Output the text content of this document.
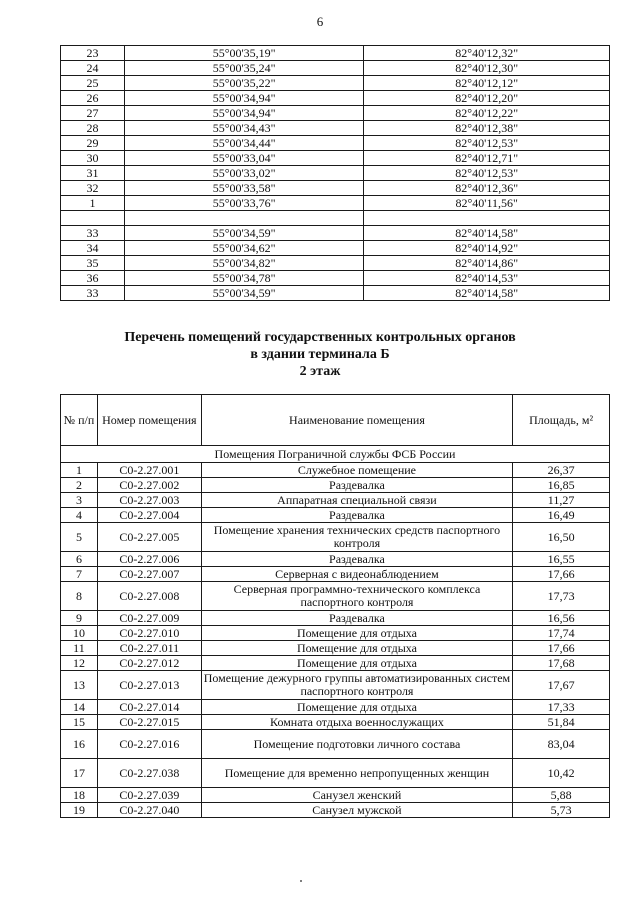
6
23	55°00'35,19"	82°40'12,32"
24	55°00'35,24"	82°40'12,30"
25	55°00'35,22"	82°40'12,12"
26	55°00'34,94"	82°40'12,20"
27	55°00'34,94"	82°40'12,22"
28	55°00'34,43"	82°40'12,38"
29	55°00'34,44"	82°40'12,53"
30	55°00'33,04"	82°40'12,71"
31	55°00'33,02"	82°40'12,53"
32	55°00'33,58"	82°40'12,36"
1	55°00'33,76"	82°40'11,56"

33	55°00'34,59"	82°40'14,58"
34	55°00'34,62"	82°40'14,92"
35	55°00'34,82"	82°40'14,86"
36	55°00'34,78"	82°40'14,53"
33	55°00'34,59"	82°40'14,58"
Перечень помещений государственных контрольных органов
в здании терминала Б
2 этаж
№ п/п	Номер помещения	Наименование помещения	Площадь, м²
Помещения Пограничной службы ФСБ России			
1	С0-2.27.001	Служебное помещение	26,37
2	С0-2.27.002	Раздевалка	16,85
3	С0-2.27.003	Аппаратная специальной связи	11,27
4	С0-2.27.004	Раздевалка	16,49
5	С0-2.27.005	Помещение хранения технических средств паспортного контроля	16,50
6	С0-2.27.006	Раздевалка	16,55
7	С0-2.27.007	Серверная с видеонаблюдением	17,66
8	С0-2.27.008	Серверная программно-технического комплекса паспортного контроля	17,73
9	С0-2.27.009	Раздевалка	16,56
10	С0-2.27.010	Помещение для отдыха	17,74
11	С0-2.27.011	Помещение для отдыха	17,66
12	С0-2.27.012	Помещение для отдыха	17,68
13	С0-2.27.013	Помещение дежурного группы автоматизированных систем паспортного контроля	17,67
14	С0-2.27.014	Помещение для отдыха	17,33
15	С0-2.27.015	Комната отдыха военнослужащих	51,84
16	С0-2.27.016	Помещение подготовки личного состава	83,04
17	С0-2.27.038	Помещение для временно непропущенных женщин	10,42
18	С0-2.27.039	Санузел женский	5,88
19	С0-2.27.040	Санузел мужской	5,73
